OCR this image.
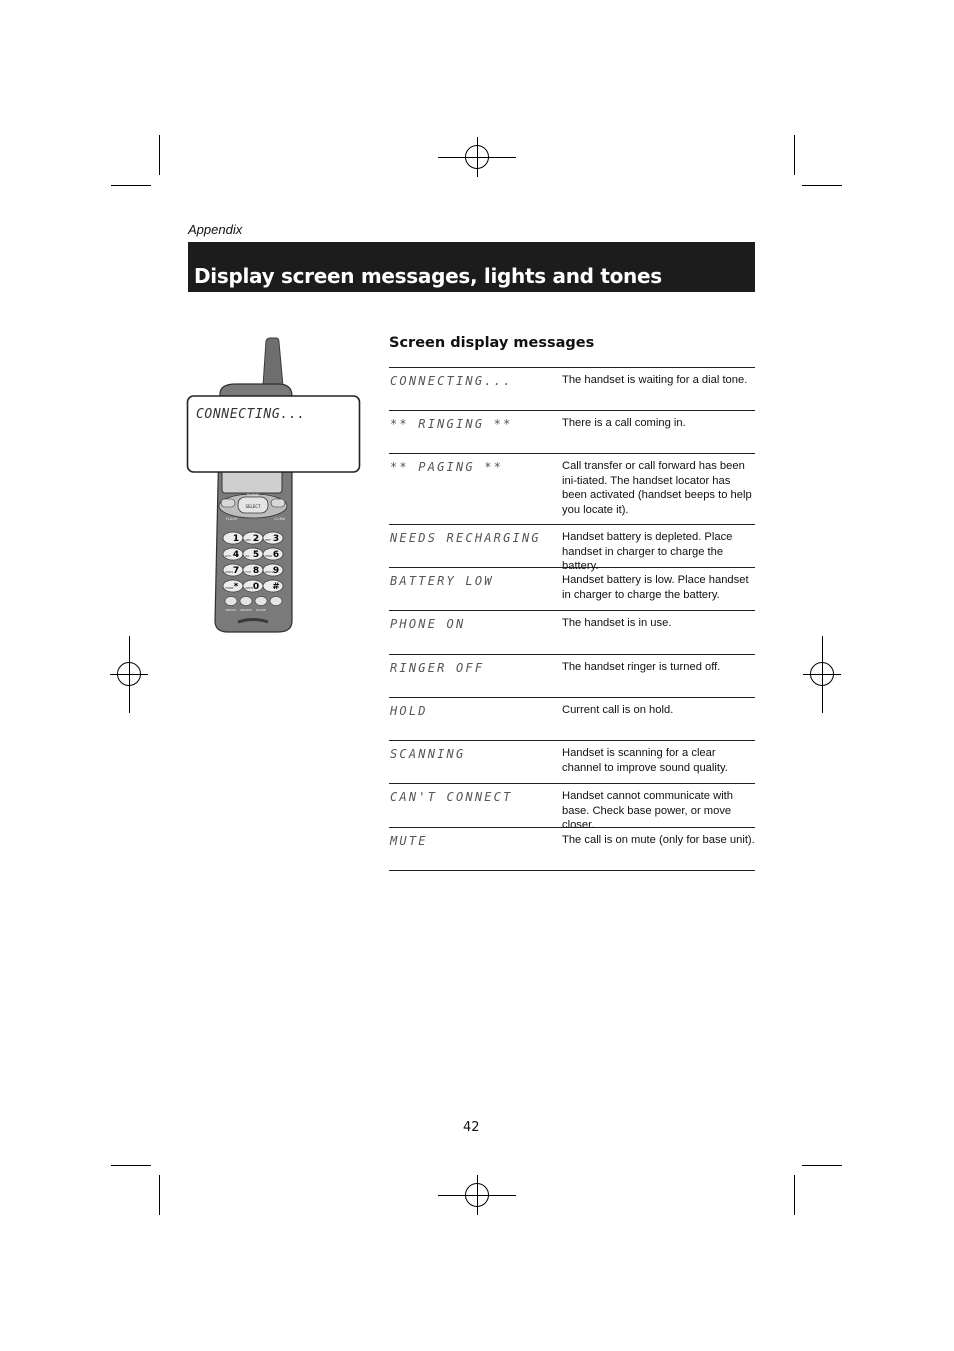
Appendix
Display screen messages, lights and tones
SELECT
PHONE
FLASH	CL/MA
1 2 3
4 5 6
7 8 9
* 0 #
ABC	DEF
GHI	JKL	MNO
PQRS	TUV	WXYZ
TONE	OPER
REDIAL DELETE PAUSE
CONNECTING...
Screen display messages
CONNECTING...	The handset is waiting for a dial tone.
** RINGING **	There is a call coming in.
** PAGING **	Call transfer or call forward has been ini-tiated. The handset locator has been activated (handset beeps to help you locate it).
NEEDS RECHARGING	Handset battery is depleted. Place handset in charger to charge the battery.
BATTERY LOW	Handset battery is low. Place handset in charger to charge the battery.
PHONE ON	The handset is in use.
RINGER OFF	The handset ringer is turned off.
HOLD	Current call is on hold.
SCANNING	Handset is scanning for a clear channel to improve sound quality.
CAN'T CONNECT	Handset cannot communicate with base. Check base power, or move closer.
MUTE	The call is on mute (only for base unit).
42
